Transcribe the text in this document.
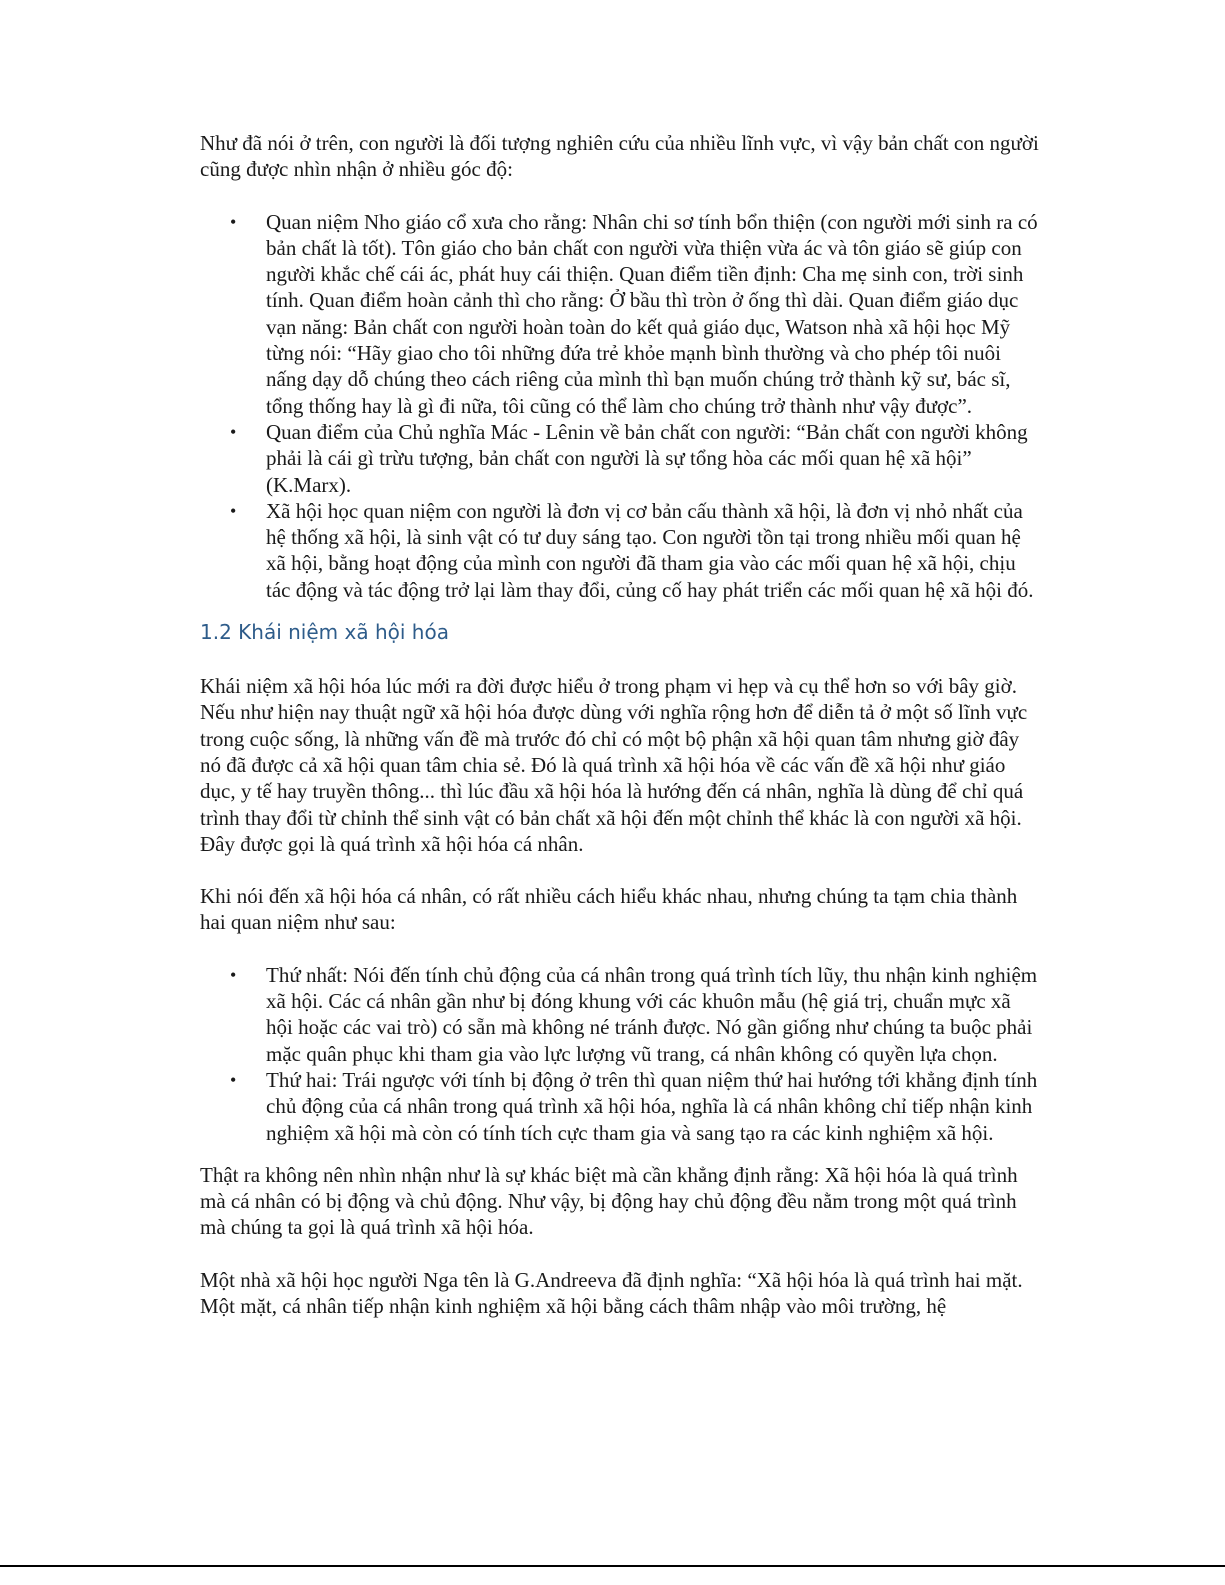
Như đã nói ở trên, con người là đối tượng nghiên cứu của nhiều lĩnh vực, vì vậy bản chất con người cũng được nhìn nhận ở nhiều góc độ:

• Quan niệm Nho giáo cổ xưa cho rằng: Nhân chi sơ tính bổn thiện (con người mới sinh ra có bản chất là tốt). Tôn giáo cho bản chất con người vừa thiện vừa ác và tôn giáo sẽ giúp con người khắc chế cái ác, phát huy cái thiện. Quan điểm tiền định: Cha mẹ sinh con, trời sinh tính. Quan điểm hoàn cảnh thì cho rằng: Ở bầu thì tròn ở ống thì dài. Quan điểm giáo dục vạn năng: Bản chất con người hoàn toàn do kết quả giáo dục, Watson nhà xã hội học Mỹ từng nói: “Hãy giao cho tôi những đứa trẻ khỏe mạnh bình thường và cho phép tôi nuôi nấng dạy dỗ chúng theo cách riêng của mình thì bạn muốn chúng trở thành kỹ sư, bác sĩ, tổng thống hay là gì đi nữa, tôi cũng có thể làm cho chúng trở thành như vậy được”.
• Quan điểm của Chủ nghĩa Mác - Lênin về bản chất con người: “Bản chất con người không phải là cái gì trừu tượng, bản chất con người là sự tổng hòa các mối quan hệ xã hội” (K.Marx).
• Xã hội học quan niệm con người là đơn vị cơ bản cấu thành xã hội, là đơn vị nhỏ nhất của hệ thống xã hội, là sinh vật có tư duy sáng tạo. Con người tồn tại trong nhiều mối quan hệ xã hội, bằng hoạt động của mình con người đã tham gia vào các mối quan hệ xã hội, chịu tác động và tác động trở lại làm thay đổi, củng cố hay phát triển các mối quan hệ xã hội đó.
1.2 Khái niệm xã hội hóa

Khái niệm xã hội hóa lúc mới ra đời được hiểu ở trong phạm vi hẹp và cụ thể hơn so với bây giờ. Nếu như hiện nay thuật ngữ xã hội hóa được dùng với nghĩa rộng hơn để diễn tả ở một số lĩnh vực trong cuộc sống, là những vấn đề mà trước đó chỉ có một bộ phận xã hội quan tâm nhưng giờ đây nó đã được cả xã hội quan tâm chia sẻ. Đó là quá trình xã hội hóa về các vấn đề xã hội như giáo dục, y tế hay truyền thông... thì lúc đầu xã hội hóa là hướng đến cá nhân, nghĩa là dùng để chỉ quá trình thay đổi từ chỉnh thể sinh vật có bản chất xã hội đến một chỉnh thể khác là con người xã hội. Đây được gọi là quá trình xã hội hóa cá nhân.

Khi nói đến xã hội hóa cá nhân, có rất nhiều cách hiểu khác nhau, nhưng chúng ta tạm chia thành hai quan niệm như sau:

• Thứ nhất: Nói đến tính chủ động của cá nhân trong quá trình tích lũy, thu nhận kinh nghiệm xã hội. Các cá nhân gần như bị đóng khung với các khuôn mẫu (hệ giá trị, chuẩn mực xã hội hoặc các vai trò) có sẵn mà không né tránh được. Nó gần giống như chúng ta buộc phải mặc quân phục khi tham gia vào lực lượng vũ trang, cá nhân không có quyền lựa chọn.
• Thứ hai: Trái ngược với tính bị động ở trên thì quan niệm thứ hai hướng tới khẳng định tính chủ động của cá nhân trong quá trình xã hội hóa, nghĩa là cá nhân không chỉ tiếp nhận kinh nghiệm xã hội mà còn có tính tích cực tham gia và sang tạo ra các kinh nghiệm xã hội.

Thật ra không nên nhìn nhận như là sự khác biệt mà cần khẳng định rằng: Xã hội hóa là quá trình mà cá nhân có bị động và chủ động. Như vậy, bị động hay chủ động đều nằm trong một quá trình mà chúng ta gọi là quá trình xã hội hóa.

Một nhà xã hội học người Nga tên là G.Andreeva đã định nghĩa: “Xã hội hóa là quá trình hai mặt. Một mặt, cá nhân tiếp nhận kinh nghiệm xã hội bằng cách thâm nhập vào môi trường, hệ
